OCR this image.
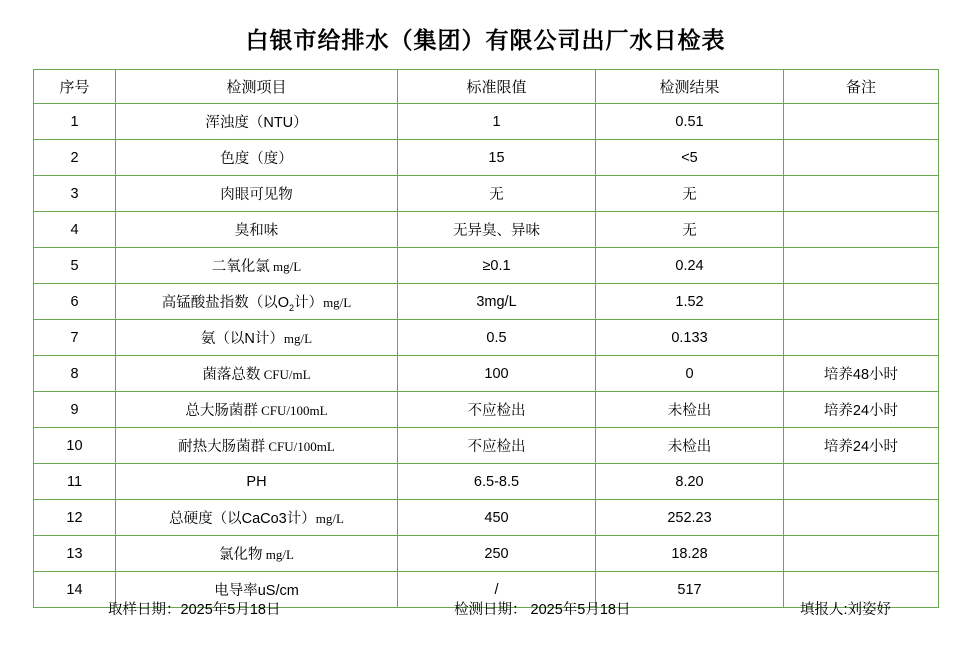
白银市给排水（集团）有限公司出厂水日检表
序号	检测项目	标准限值	检测结果	备注
1	浑浊度（NTU）	1	0.51	
2	色度（度）	15	<5	
3	肉眼可见物	无	无	
4	臭和味	无异臭、异味	无	
5	二氧化氯 mg/L	≥0.1	0.24	
6	高锰酸盐指数（以$O_2$计）mg/L	3mg/L	1.52	
7	氨（以N计）mg/L	0.5	0.133	
8	菌落总数 CFU/mL	100	0	培养48小时
9	总大肠菌群 CFU/100mL	不应检出	未检出	培养24小时
10	耐热大肠菌群 CFU/100mL	不应检出	未检出	培养24小时
11	PH	6.5-8.5	8.20	
12	总硬度（以CaCo3计）mg/L	450	252.23	
13	氯化物 mg/L	250	18.28	
14	电导率uS/cm	/	517	
取样日期：2025年5月18日	检测日期： 2025年5月18日	填报人:刘姿妤
